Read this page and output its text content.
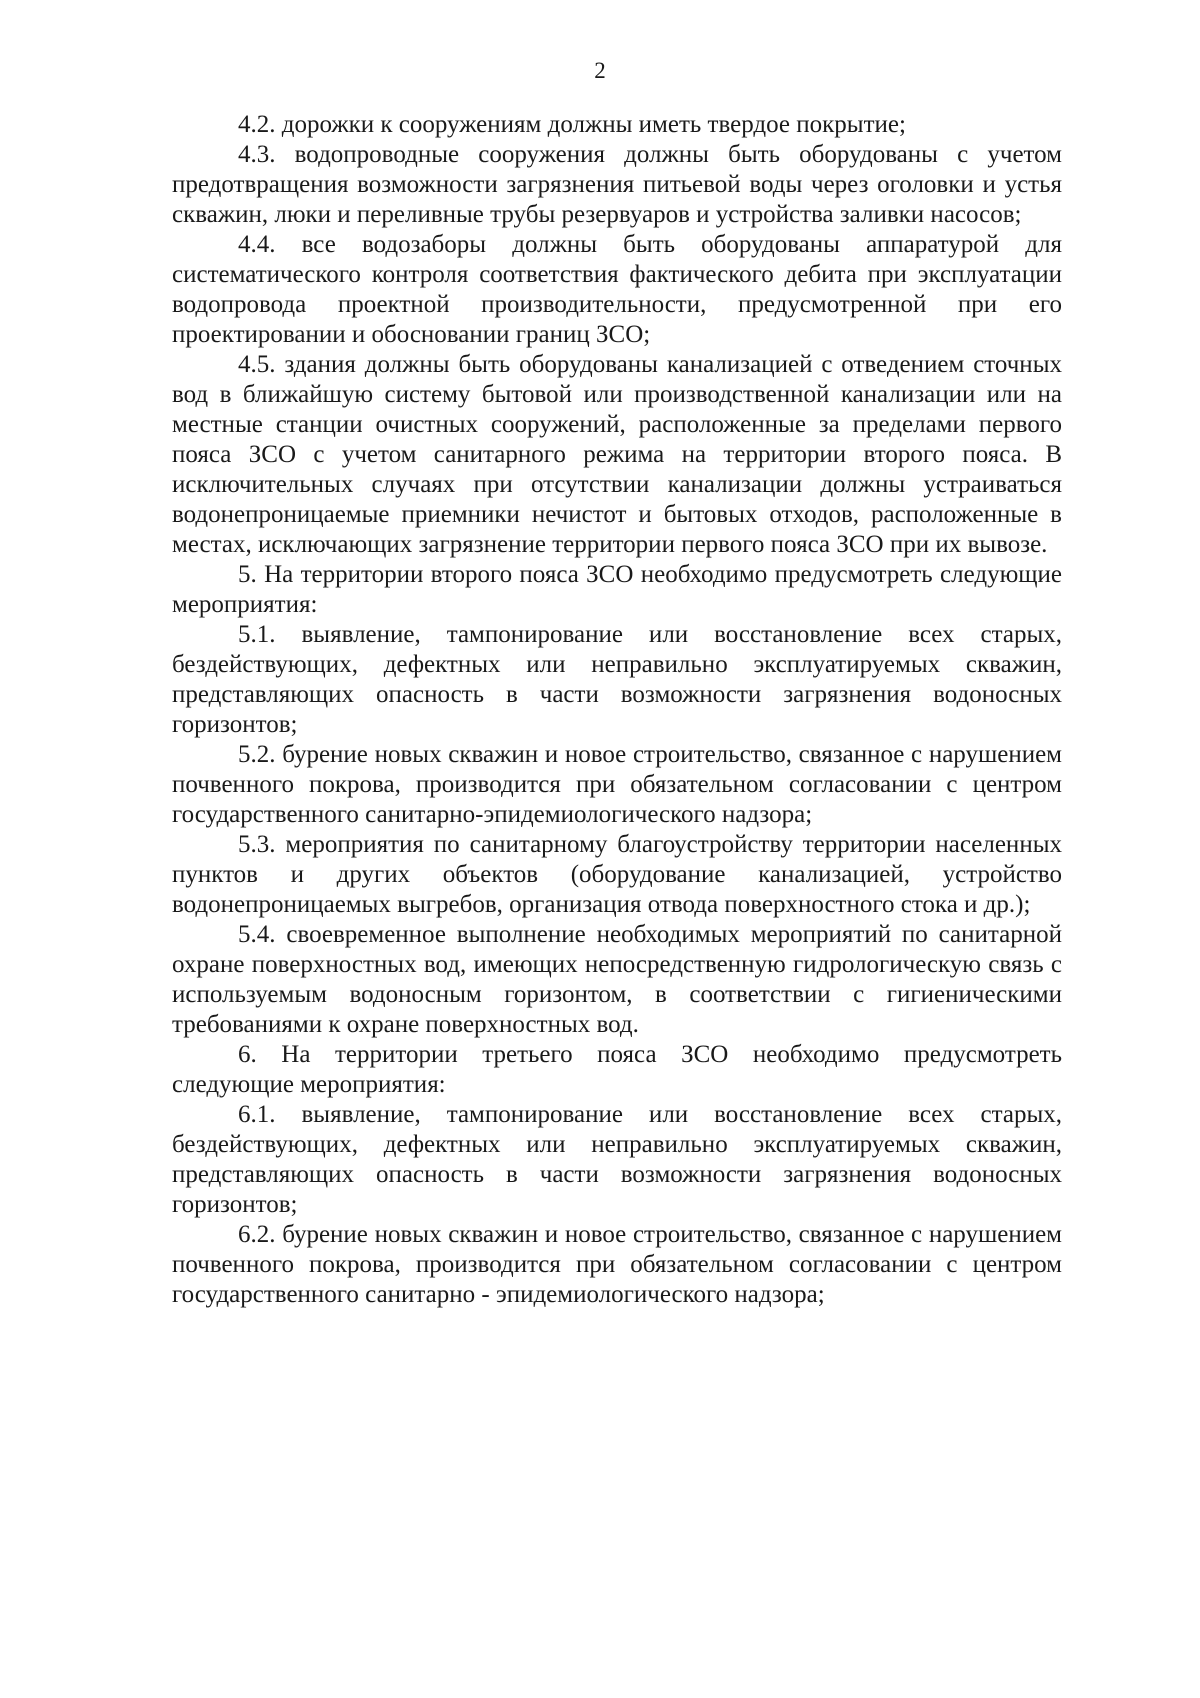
2

4.2. дорожки к сооружениям должны иметь твердое покрытие;

4.3. водопроводные сооружения должны быть оборудованы с учетом предотвращения возможности загрязнения питьевой воды через оголовки и устья скважин, люки и переливные трубы резервуаров и устройства заливки насосов;

4.4. все водозаборы должны быть оборудованы аппаратурой для систематического контроля соответствия фактического дебита при эксплуатации водопровода проектной производительности, предусмотренной при его проектировании и обосновании границ ЗСО;

4.5. здания должны быть оборудованы канализацией с отведением сточных вод в ближайшую систему бытовой или производственной канализации или на местные станции очистных сооружений, расположенные за пределами первого пояса ЗСО с учетом санитарного режима на территории второго пояса. В исключительных случаях при отсутствии канализации должны устраиваться водонепроницаемые приемники нечистот и бытовых отходов, расположенные в местах, исключающих загрязнение территории первого пояса ЗСО при их вывозе.

5. На территории второго пояса ЗСО необходимо предусмотреть следующие мероприятия:

5.1. выявление, тампонирование или восстановление всех старых, бездействующих, дефектных или неправильно эксплуатируемых скважин, представляющих опасность в части возможности загрязнения водоносных горизонтов;

5.2. бурение новых скважин и новое строительство, связанное с нарушением почвенного покрова, производится при обязательном согласовании с центром государственного санитарно-эпидемиологического надзора;

5.3. мероприятия по санитарному благоустройству территории населенных пунктов и других объектов (оборудование канализацией, устройство водонепроницаемых выгребов, организация отвода поверхностного стока и др.);

5.4. своевременное выполнение необходимых мероприятий по санитарной охране поверхностных вод, имеющих непосредственную гидрологическую связь с используемым водоносным горизонтом, в соответствии с гигиеническими требованиями к охране поверхностных вод.

6. На территории третьего пояса ЗСО необходимо предусмотреть следующие мероприятия:

6.1. выявление, тампонирование или восстановление всех старых, бездействующих, дефектных или неправильно эксплуатируемых скважин, представляющих опасность в части возможности загрязнения водоносных горизонтов;

6.2. бурение новых скважин и новое строительство, связанное с нарушением почвенного покрова, производится при обязательном согласовании с центром государственного санитарно - эпидемиологического надзора;
